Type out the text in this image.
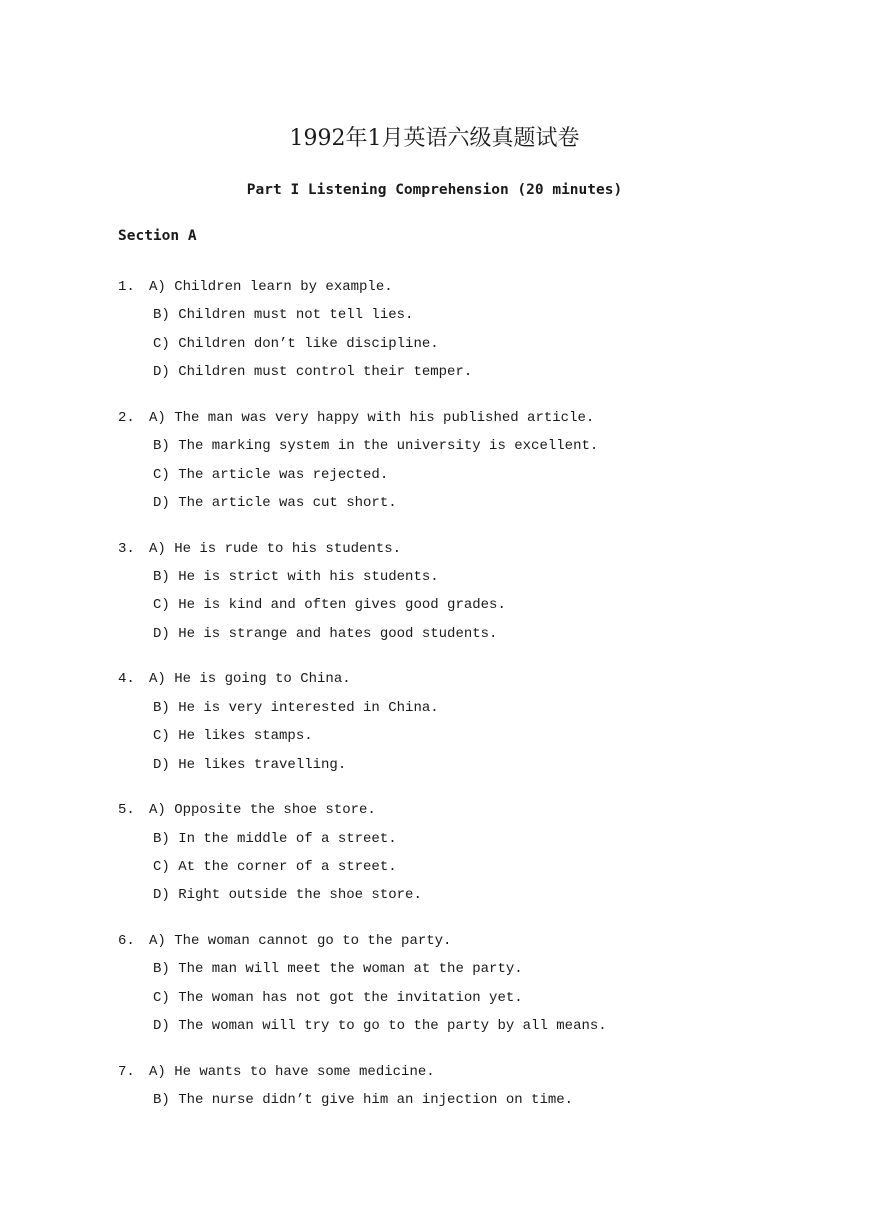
1992年1月英语六级真题试卷
Part I Listening Comprehension (20 minutes)
Section A
1. A) Children learn by example.
B) Children must not tell lies.
C) Children don’t like discipline.
D) Children must control their temper.
2. A) The man was very happy with his published article.
B) The marking system in the university is excellent.
C) The article was rejected.
D) The article was cut short.
3. A) He is rude to his students.
B) He is strict with his students.
C) He is kind and often gives good grades.
D) He is strange and hates good students.
4. A) He is going to China.
B) He is very interested in China.
C) He likes stamps.
D) He likes travelling.
5. A) Opposite the shoe store.
B) In the middle of a street.
C) At the corner of a street.
D) Right outside the shoe store.
6. A) The woman cannot go to the party.
B) The man will meet the woman at the party.
C) The woman has not got the invitation yet.
D) The woman will try to go to the party by all means.
7. A) He wants to have some medicine.
B) The nurse didn’t give him an injection on time.
